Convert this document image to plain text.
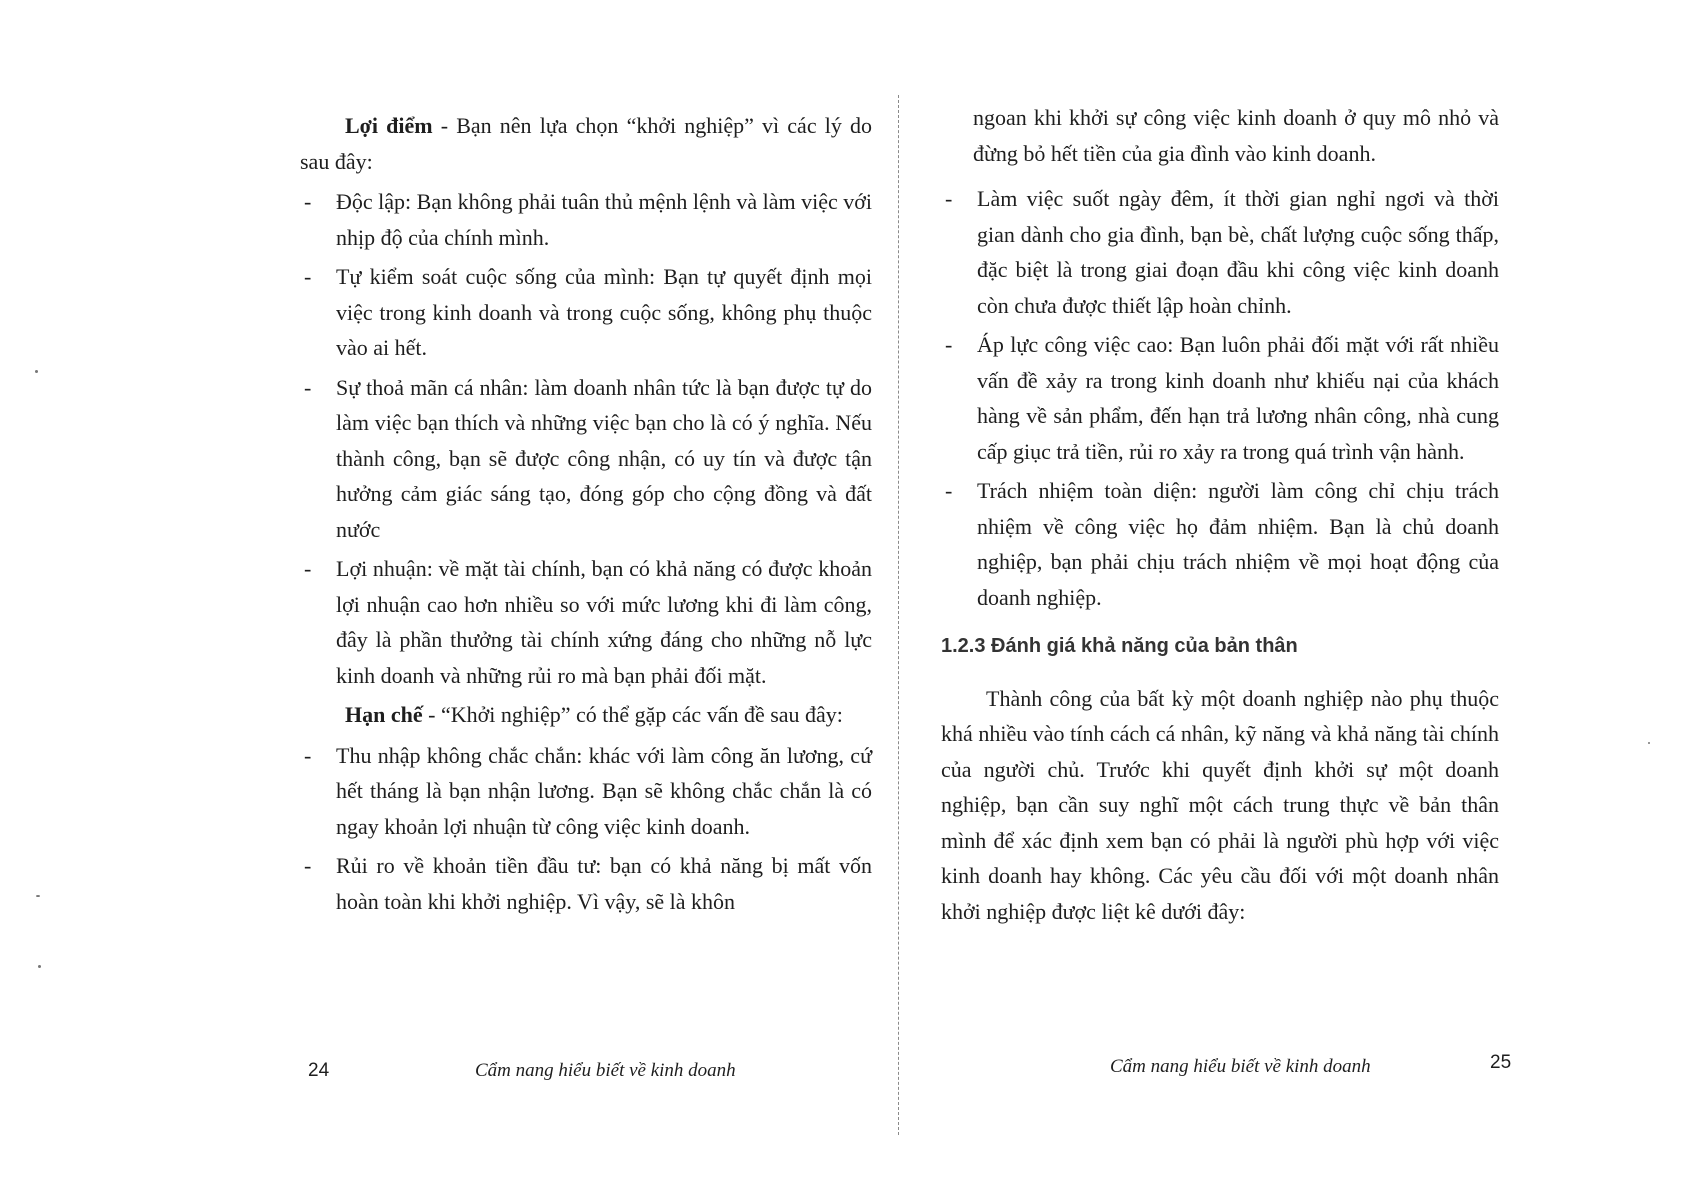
Lợi điểm - Bạn nên lựa chọn “khởi nghiệp” vì các lý do sau đây:

- Độc lập: Bạn không phải tuân thủ mệnh lệnh và làm việc với nhịp độ của chính mình.
- Tự kiểm soát cuộc sống của mình: Bạn tự quyết định mọi việc trong kinh doanh và trong cuộc sống, không phụ thuộc vào ai hết.
- Sự thoả mãn cá nhân: làm doanh nhân tức là bạn được tự do làm việc bạn thích và những việc bạn cho là có ý nghĩa. Nếu thành công, bạn sẽ được công nhận, có uy tín và được tận hưởng cảm giác sáng tạo, đóng góp cho cộng đồng và đất nước
- Lợi nhuận: về mặt tài chính, bạn có khả năng có được khoản lợi nhuận cao hơn nhiều so với mức lương khi đi làm công, đây là phần thưởng tài chính xứng đáng cho những nỗ lực kinh doanh và những rủi ro mà bạn phải đối mặt.

Hạn chế - “Khởi nghiệp” có thể gặp các vấn đề sau đây:

- Thu nhập không chắc chắn: khác với làm công ăn lương, cứ hết tháng là bạn nhận lương. Bạn sẽ không chắc chắn là có ngay khoản lợi nhuận từ công việc kinh doanh.
- Rủi ro về khoản tiền đầu tư: bạn có khả năng bị mất vốn hoàn toàn khi khởi nghiệp. Vì vậy, sẽ là khôn
24	Cẩm nang hiểu biết về kinh doanh

ngoan khi khởi sự công việc kinh doanh ở quy mô nhỏ và đừng bỏ hết tiền của gia đình vào kinh doanh.

- Làm việc suốt ngày đêm, ít thời gian nghỉ ngơi và thời gian dành cho gia đình, bạn bè, chất lượng cuộc sống thấp, đặc biệt là trong giai đoạn đầu khi công việc kinh doanh còn chưa được thiết lập hoàn chỉnh.
- Áp lực công việc cao: Bạn luôn phải đối mặt với rất nhiều vấn đề xảy ra trong kinh doanh như khiếu nại của khách hàng về sản phẩm, đến hạn trả lương nhân công, nhà cung cấp giục trả tiền, rủi ro xảy ra trong quá trình vận hành.
- Trách nhiệm toàn diện: người làm công chỉ chịu trách nhiệm về công việc họ đảm nhiệm. Bạn là chủ doanh nghiệp, bạn phải chịu trách nhiệm về mọi hoạt động của doanh nghiệp.
1.2.3 Đánh giá khả năng của bản thân

Thành công của bất kỳ một doanh nghiệp nào phụ thuộc khá nhiều vào tính cách cá nhân, kỹ năng và khả năng tài chính của người chủ. Trước khi quyết định khởi sự một doanh nghiệp, bạn cần suy nghĩ một cách trung thực về bản thân mình để xác định xem bạn có phải là người phù hợp với việc kinh doanh hay không. Các yêu cầu đối với một doanh nhân khởi nghiệp được liệt kê dưới đây:

Cẩm nang hiểu biết về kinh doanh	25
